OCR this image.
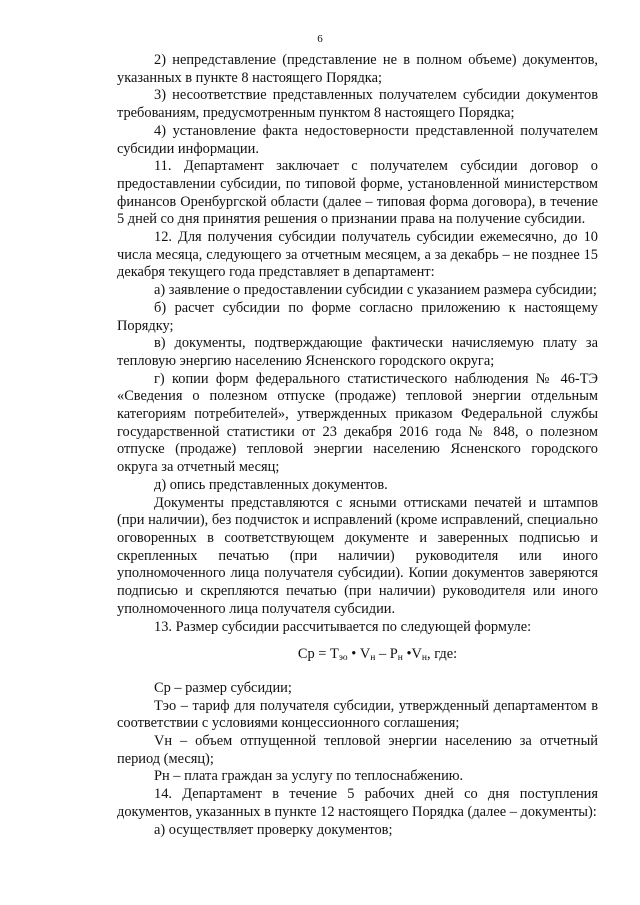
6

2) непредставление (представление не в полном объеме) документов, указанных в пункте 8 настоящего Порядка;

3) несоответствие представленных получателем субсидии документов требованиям, предусмотренным пунктом 8 настоящего Порядка;

4) установление факта недостоверности представленной получателем субсидии информации.

11. Департамент заключает с получателем субсидии договор о предоставлении субсидии, по типовой форме, установленной министерством финансов Оренбургской области (далее – типовая форма договора), в течение 5 дней со дня принятия решения о признании права на получение субсидии.

12. Для получения субсидии получатель субсидии ежемесячно, до 10 числа месяца, следующего за отчетным месяцем, а за декабрь – не позднее 15 декабря текущего года представляет в департамент:

а) заявление о предоставлении субсидии с указанием размера субсидии;

б) расчет субсидии по форме согласно приложению к настоящему Порядку;

в) документы, подтверждающие фактически начисляемую плату за тепловую энергию населению Ясненского городского округа;

г) копии форм федерального статистического наблюдения № 46-ТЭ «Сведения о полезном отпуске (продаже) тепловой энергии отдельным категориям потребителей», утвержденных приказом Федеральной службы государственной статистики от 23 декабря 2016 года № 848, о полезном отпуске (продаже) тепловой энергии населению Ясненского городского округа за отчетный месяц;

д) опись представленных документов.

Документы представляются с ясными оттисками печатей и штампов (при наличии), без подчисток и исправлений (кроме исправлений, специально оговоренных в соответствующем документе и заверенных подписью и скрепленных печатью (при наличии) руководителя или иного уполномоченного лица получателя субсидии). Копии документов заверяются подписью и скрепляются печатью (при наличии) руководителя или иного уполномоченного лица получателя субсидии.

13. Размер субсидии рассчитывается по следующей формуле:

Ср = $Т_{эо}$ • $V_н - P_н$ $•V_н$, где:

Ср – размер субсидии;

Тэо – тариф для получателя субсидии, утвержденный департаментом в соответствии с условиями концессионного соглашения;

Vн – объем отпущенной тепловой энергии населению за отчетный период (месяц);

Рн – плата граждан за услугу по теплоснабжению.

14. Департамент в течение 5 рабочих дней со дня поступления документов, указанных в пункте 12 настоящего Порядка (далее – документы):

а) осуществляет проверку документов;
